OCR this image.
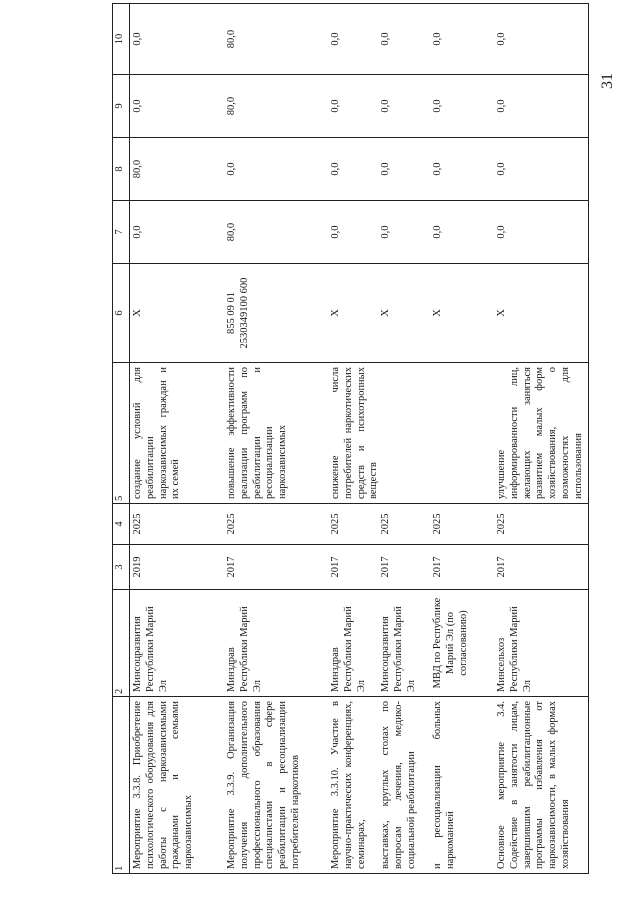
31
1	2	3	4	5	6	7	8	9	10
Мероприятие 3.3.8. Приобретение психологического оборудования для работы с наркозависимыми гражданами и семьями наркозависимых	Минсоцразвития Республики Марий Эл	2019	2025	создание условий для реабилитации наркозависимых граждан и их семей	X	0,0	80,0	0,0	0,0
Мероприятие 3.3.9. Организация получения дополнительного профессионального образования специалистами в сфере реабилитации и ресоциализации потребителей наркотиков	Минздрав Республики Марий Эл	2017	2025	повышение эффективности реализации программ по реабилитации и ресоциализации наркозависимых	855 09 01 2530349100 600	80,0	0,0	80,0	80,0
Мероприятие 3.3.10. Участие в научно-практических конференциях, семинарах,	Минздрав Республики Марий Эл	2017	2025	снижение числа потребителей наркотических средств и психотропных веществ	X	0,0	0,0	0,0	0,0
выставках, круглых столах по вопросам лечения, медико-социальной реабилитации	Минсоцразвития Республики Марий Эл	2017	2025		X	0,0	0,0	0,0	0,0
и ресоциализации больных наркоманией	МВД по Республике Марий Эл (по согласованию)	2017	2025		X	0,0	0,0	0,0	0,0
Основное мероприятие 3.4. Содействие в занятости лицам, завершившим реабилитационные программы избавления от наркозависимости, в малых формах хозяйствования	Минсельхоз Республики Марий Эл	2017	2025	улучшение информированности лиц, желающих заняться развитием малых форм хозяйствования, о возможностях для использования	X	0,0	0,0	0,0	0,0
